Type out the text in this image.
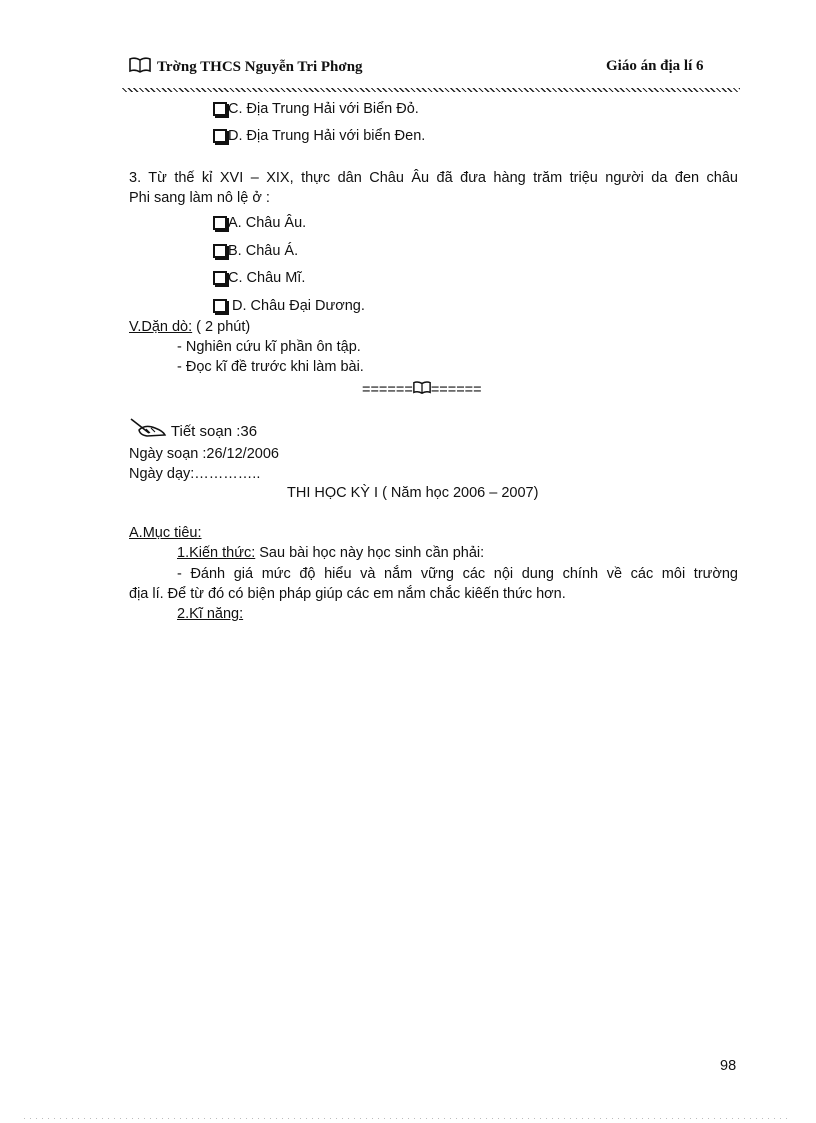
Trờng THCS Nguyễn Tri Phơng	Giáo án địa lí 6
C. Địa Trung Hải với Biển Đỏ.
D. Địa Trung Hải với biển Đen.
3. Từ thế kỉ XVI – XIX, thực dân Châu Âu đã đưa hàng trăm triệu người da đen châu
Phi sang làm nô lệ ở :
A. Châu Âu.
B. Châu Á.
C. Châu Mĩ.
D. Châu Đại Dương.
V.Dặn dò: ( 2 phút)
- Nghiên cứu kĩ phần ôn tập.
- Đọc kĩ đề trước khi làm bài.
====== ======
Tiết soạn :36
Ngày soạn :26/12/2006
Ngày dạy:…………..
THI HỌC KỲ I ( Năm học 2006 – 2007)
A.Mục tiêu:
1.Kiến thức: Sau bài học này học sinh cần phải:
- Đánh giá mức độ hiểu và nắm vững các nội dung chính về các môi trường
địa lí. Để từ đó có biện pháp giúp các em nắm chắc kiêến thức hơn.
2.Kĩ năng:
98
